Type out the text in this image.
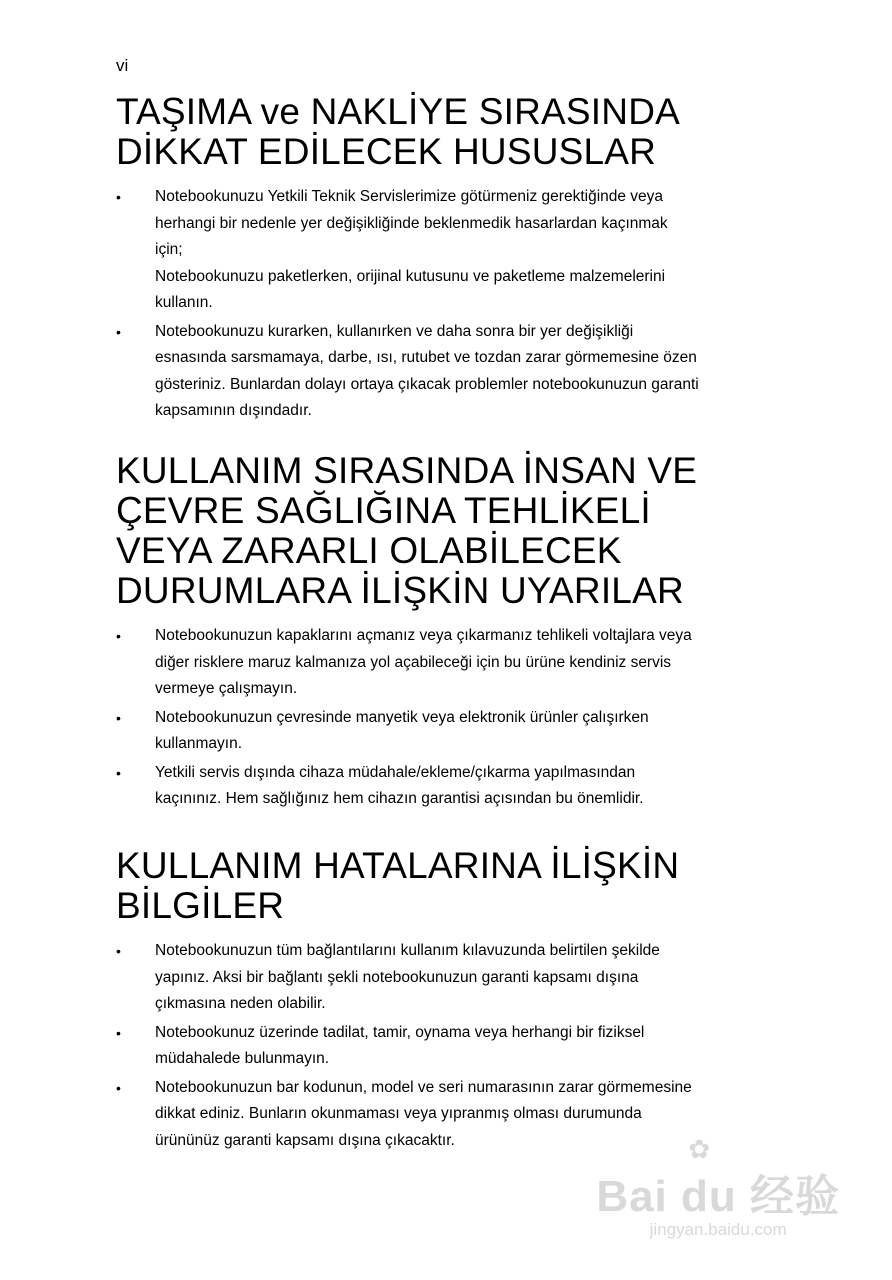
vi
TAŞIMA ve NAKLİYE SIRASINDA
DİKKAT EDİLECEK HUSUSLAR
• Notebookunuzu Yetkili Teknik Servislerimize götürmeniz gerektiğinde veya
herhangi bir nedenle yer değişikliğinde beklenmedik hasarlardan kaçınmak
için;
Notebookunuzu paketlerken, orijinal kutusunu ve paketleme malzemelerini
kullanın.
• Notebookunuzu kurarken, kullanırken ve daha sonra bir yer değişikliği
esnasında sarsmamaya, darbe, ısı, rutubet ve tozdan zarar görmemesine özen
gösteriniz. Bunlardan dolayı ortaya çıkacak problemler notebookunuzun garanti
kapsamının dışındadır.
KULLANIM SIRASINDA İNSAN VE
ÇEVRE SAĞLIĞINA TEHLİKELİ
VEYA ZARARLI OLABİLECEK
DURUMLARA İLİŞKİN UYARILAR
• Notebookunuzun kapaklarını açmanız veya çıkarmanız tehlikeli voltajlara veya
diğer risklere maruz kalmanıza yol açabileceği için bu ürüne kendiniz servis
vermeye çalışmayın.
• Notebookunuzun çevresinde manyetik veya elektronik ürünler çalışırken
kullanmayın.
• Yetkili servis dışında cihaza müdahale/ekleme/çıkarma yapılmasından
kaçınınız. Hem sağlığınız hem cihazın garantisi açısından bu önemlidir.
KULLANIM HATALARINA İLİŞKİN
BİLGİLER
• Notebookunuzun tüm bağlantılarını kullanım kılavuzunda belirtilen şekilde
yapınız. Aksi bir bağlantı şekli notebookunuzun garanti kapsamı dışına
çıkmasına neden olabilir.
• Notebookunuz üzerinde tadilat, tamir, oynama veya herhangi bir fiziksel
müdahalede bulunmayın.
• Notebookunuzun bar kodunun, model ve seri numarasının zarar görmemesine
dikkat ediniz. Bunların okunmaması veya yıpranmış olması durumunda
ürününüz garanti kapsamı dışına çıkacaktır.	✿
Bai du 经验
jingyan.baidu.com
